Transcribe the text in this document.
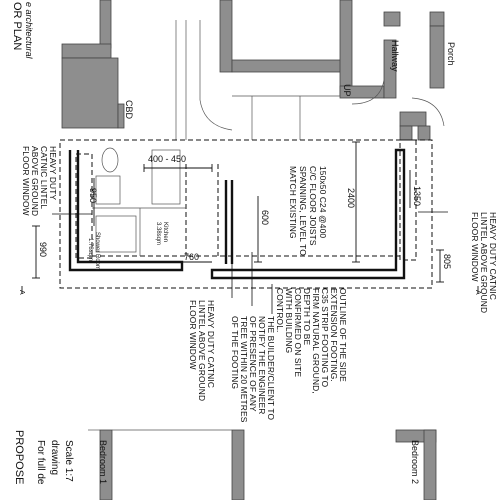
OR PLAN e architectural	Hallway	Porch
CBD
UP
Shower Room
1.78sqm
Kitchen
3.38sqm
Bedroom 1	Bedroom 2
A	A
400 - 450
2400
600
760
950
990
1350
805
HEAVY DUTY
CATNIC LINTEL
ABOVE GROUND
FLOOR WINDOW	150x50 C24 @400
C/C FLOOR JOISTS
SPANNING, LEVEL TO
MATCH EXISTING
HEAVY DUTY CATNIC
LINTEL ABOVE GROUND
FLOOR WINDOW
HEAVY DUTY CATNIC
LINTEL ABOVE GROUND
FLOOR WINDOW	THE BUILDER/CLIENT TO
NOTIFY THE ENGINEER
OF PRESENCE OF ANY
TREE WITHIN 20 METRES
OF THE FOOTING	OUTLINE OF THE SIDE
EXTENSION FOOTING.
C35 STRIP FOOTING TO
FIRM NATURAL GROUND,
DEPTH TO BE
CONFIRMED ON SITE
WITH BUILDING
CONTROL.
PROPOSE For full de drawing Scale 1:7
